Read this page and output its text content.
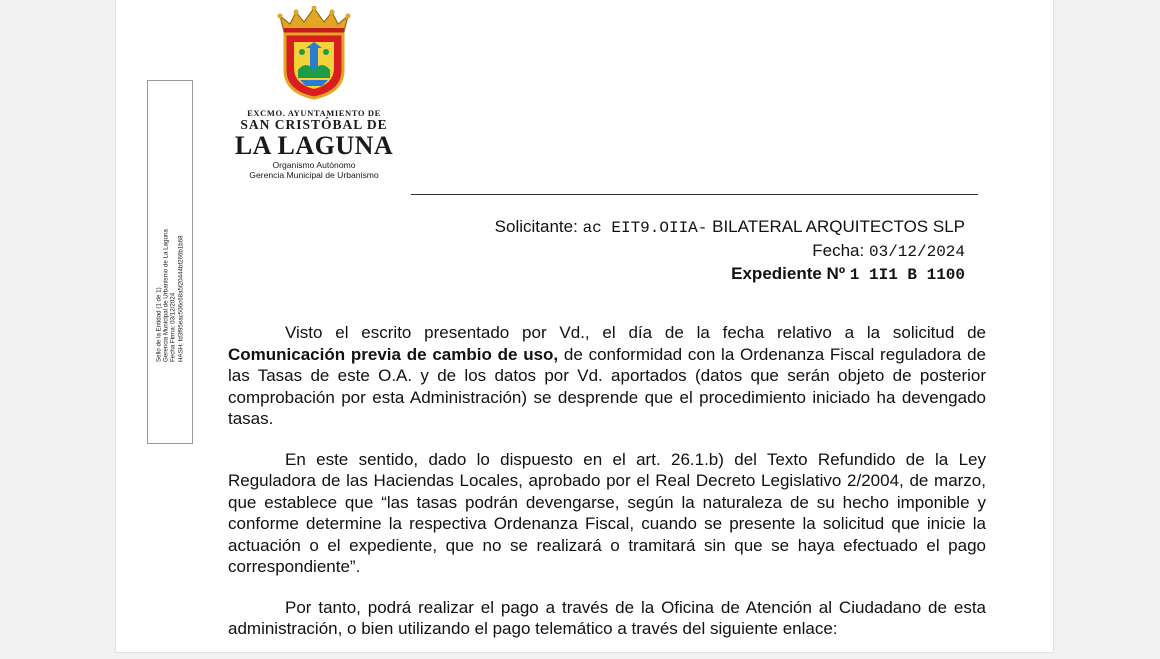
Sello de la Entidad (1 de 1) Gerencia Municipal de Urbanismo de La Laguna Fecha Firma: 03/12/2024 HASH: fd3f95eac506c68a5f20444bf266b1b68
EXCMO. AYUNTAMIENTO DE
SAN CRISTÓBAL DE
LA LAGUNA
Organismo Autónomo
Gerencia Municipal de Urbanismo
Solicitante: ac EIT9.OIIA- BILATERAL ARQUITECTOS SLP
Fecha: 03/12/2024
Expediente Nº 1 1I1 B 1100

Visto el escrito presentado por Vd., el día de la fecha relativo a la solicitud de Comunicación previa de cambio de uso, de conformidad con la Ordenanza Fiscal reguladora de las Tasas de este O.A. y de los datos por Vd. aportados (datos que serán objeto de posterior comprobación por esta Administración) se desprende que el procedimiento iniciado ha devengado tasas.

En este sentido, dado lo dispuesto en el art. 26.1.b) del Texto Refundido de la Ley Reguladora de las Haciendas Locales, aprobado por el Real Decreto Legislativo 2/2004, de marzo, que establece que “las tasas podrán devengarse, según la naturaleza de su hecho imponible y conforme determine la respectiva Ordenanza Fiscal, cuando se presente la solicitud que inicie la actuación o el expediente, que no se realizará o tramitará sin que se haya efectuado el pago correspondiente”.

Por tanto, podrá realizar el pago a través de la Oficina de Atención al Ciudadano de esta administración, o bien utilizando el pago telemático a través del siguiente enlace:
